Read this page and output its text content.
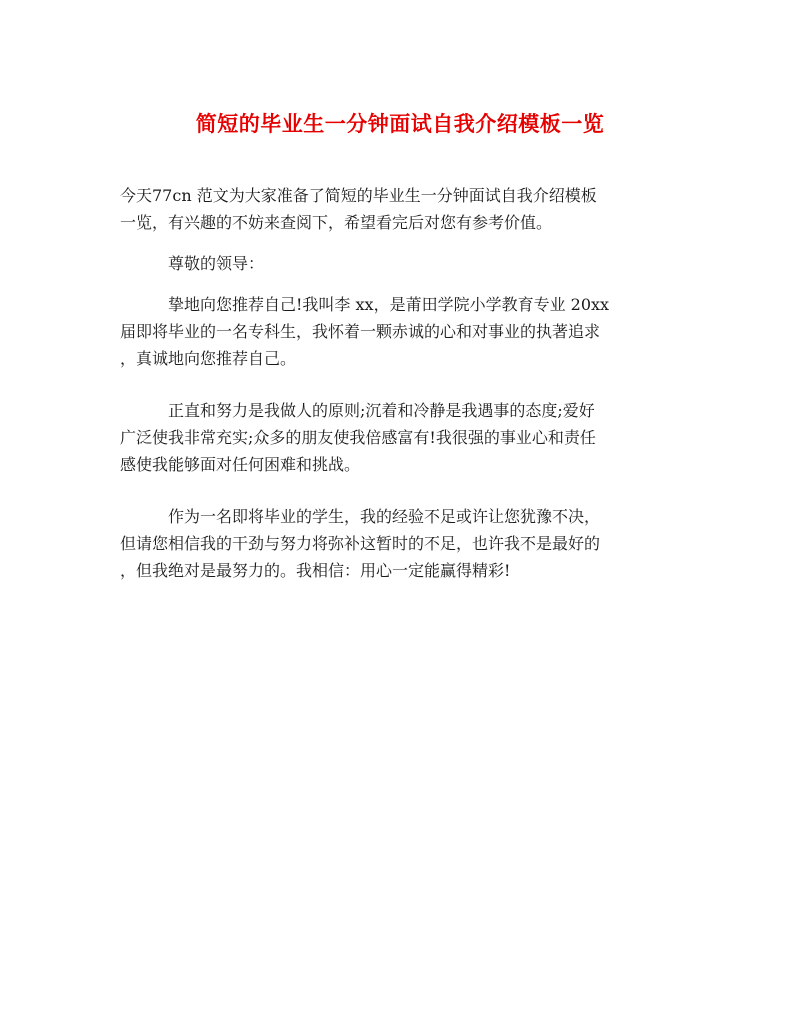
简短的毕业生一分钟面试自我介绍模板一览
今天77cn 范文为大家准备了简短的毕业生一分钟面试自我介绍模板
一览，有兴趣的不妨来查阅下，希望看完后对您有参考价值。
尊敬的领导：
挚地向您推荐自己!我叫李 xx，是莆田学院小学教育专业 20xx
届即将毕业的一名专科生，我怀着一颗赤诚的心和对事业的执著追求
，真诚地向您推荐自己。
正直和努力是我做人的原则;沉着和冷静是我遇事的态度;爱好
广泛使我非常充实;众多的朋友使我倍感富有!我很强的事业心和责任
感使我能够面对任何困难和挑战。
作为一名即将毕业的学生，我的经验不足或许让您犹豫不决，
但请您相信我的干劲与努力将弥补这暂时的不足，也许我不是最好的
，但我绝对是最努力的。我相信：用心一定能赢得精彩!
